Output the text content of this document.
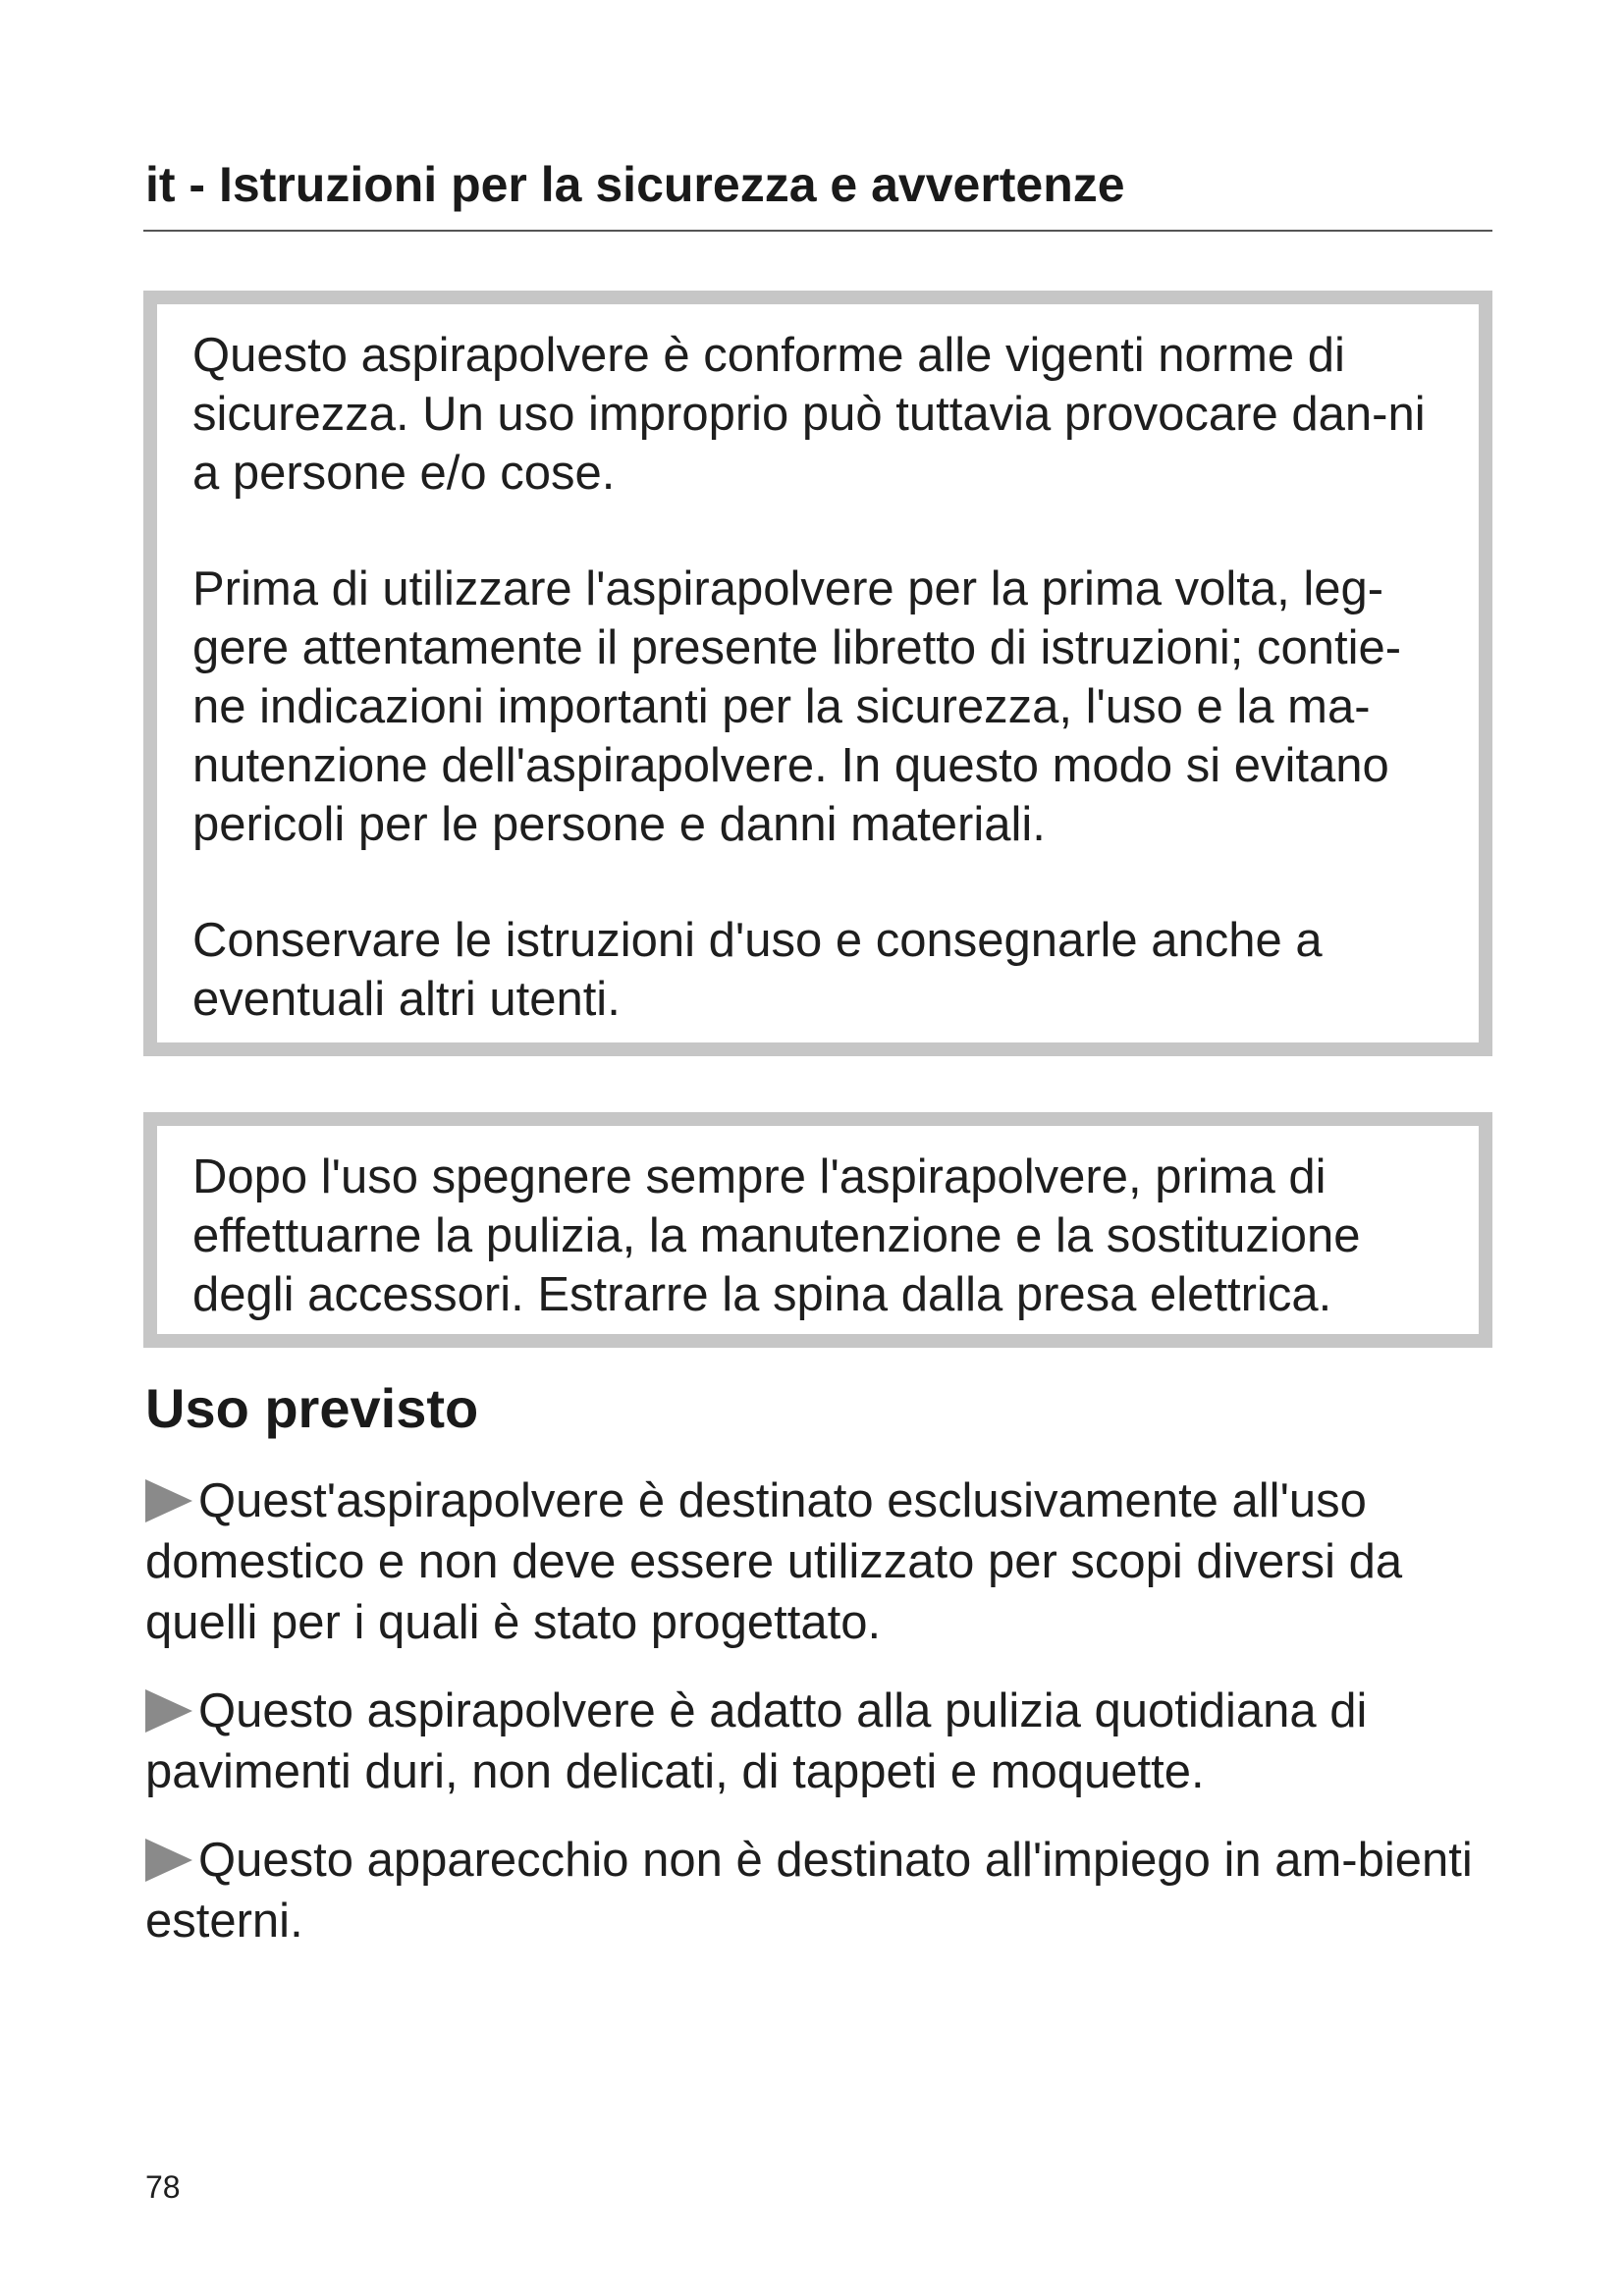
it - Istruzioni per la sicurezza e avvertenze

Questo aspirapolvere è conforme alle vigenti norme di sicurezza. Un uso improprio può tuttavia provocare dan-ni a persone e/o cose.

Prima di utilizzare l'aspirapolvere per la prima volta, leg-gere attentamente il presente libretto di istruzioni; contie-ne indicazioni importanti per la sicurezza, l'uso e la ma-nutenzione dell'aspirapolvere. In questo modo si evitano pericoli per le persone e danni materiali.

Conservare le istruzioni d'uso e consegnarle anche a eventuali altri utenti.

Dopo l'uso spegnere sempre l'aspirapolvere, prima di effettuarne la pulizia, la manutenzione e la sostituzione degli accessori. Estrarre la spina dalla presa elettrica.

Uso previsto
Quest'aspirapolvere è destinato esclusivamente all'uso domestico e non deve essere utilizzato per scopi diversi da quelli per i quali è stato progettato.
Questo aspirapolvere è adatto alla pulizia quotidiana di pavimenti duri, non delicati, di tappeti e moquette.
Questo apparecchio non è destinato all'impiego in am-bienti esterni.
78
